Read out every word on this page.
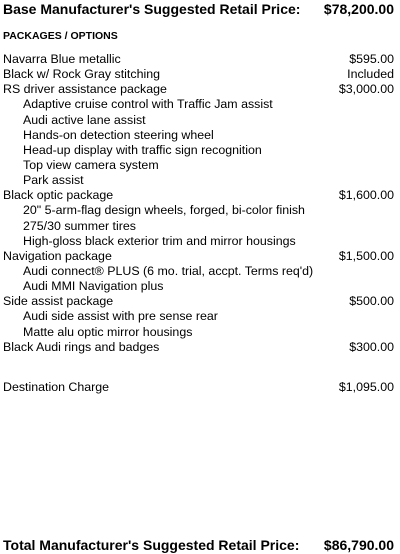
Base Manufacturer's Suggested Retail Price: $78,200.00
PACKAGES / OPTIONS
Navarra Blue metallic	$595.00
Black w/ Rock Gray stitching	Included
RS driver assistance package	$3,000.00
Adaptive cruise control with Traffic Jam assist
Audi active lane assist
Hands-on detection steering wheel
Head-up display with traffic sign recognition
Top view camera system
Park assist
Black optic package	$1,600.00
20" 5-arm-flag design wheels, forged, bi-color finish
275/30 summer tires
High-gloss black exterior trim and mirror housings
Navigation package	$1,500.00
Audi connect® PLUS (6 mo. trial, accpt. Terms req'd)
Audi MMI Navigation plus
Side assist package	$500.00
Audi side assist with pre sense rear
Matte alu optic mirror housings
Black Audi rings and badges	$300.00
Destination Charge	$1,095.00
Total Manufacturer's Suggested Retail Price: $86,790.00
